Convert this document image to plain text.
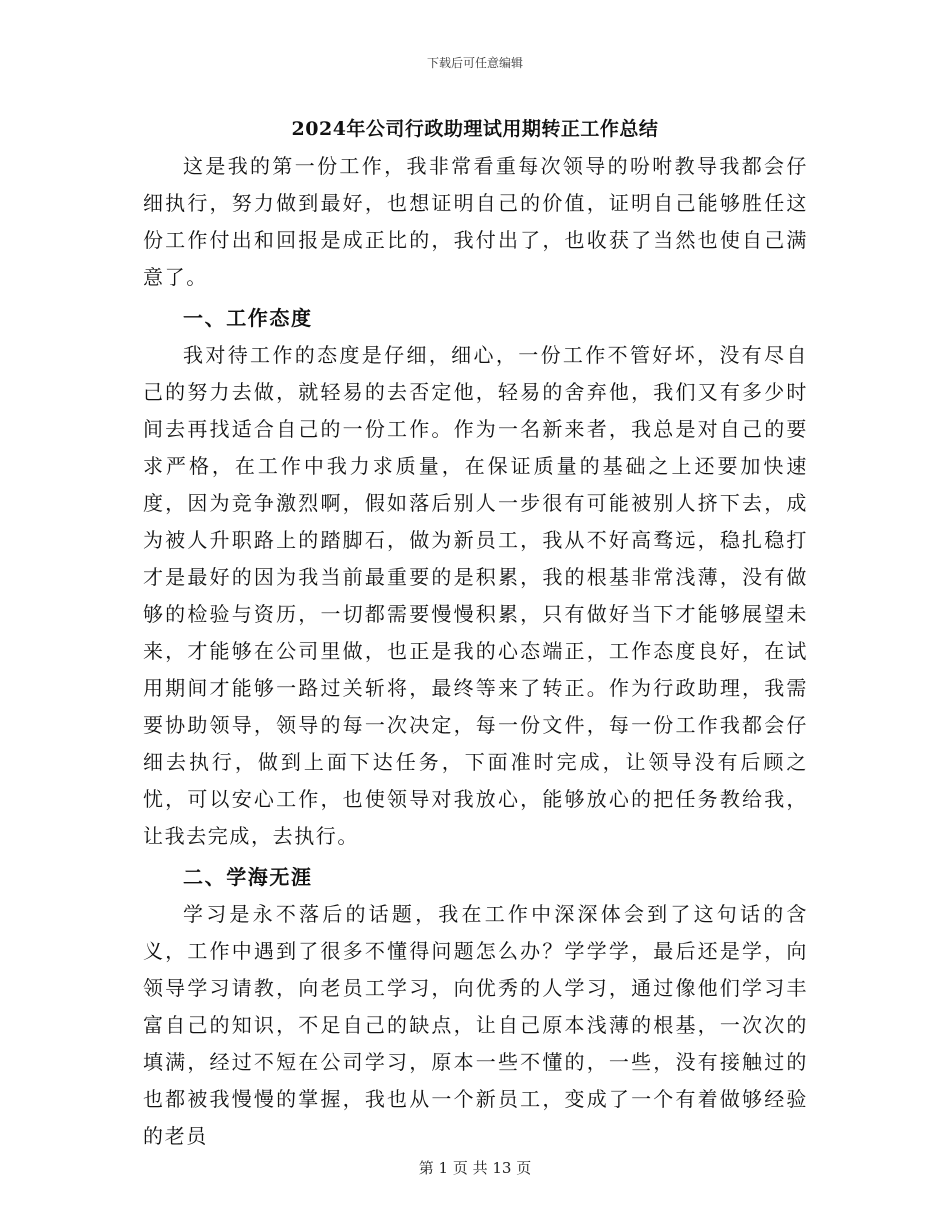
下载后可任意编辑
2024年公司行政助理试用期转正工作总结

这是我的第一份工作，我非常看重每次领导的吩咐教导我都会仔细执行，努力做到最好，也想证明自己的价值，证明自己能够胜任这份工作付出和回报是成正比的，我付出了，也收获了当然也使自己满意了。

一、工作态度

我对待工作的态度是仔细，细心，一份工作不管好坏，没有尽自己的努力去做，就轻易的去否定他，轻易的舍弃他，我们又有多少时间去再找适合自己的一份工作。作为一名新来者，我总是对自己的要求严格，在工作中我力求质量，在保证质量的基础之上还要加快速度，因为竞争激烈啊，假如落后别人一步很有可能被别人挤下去，成为被人升职路上的踏脚石，做为新员工，我从不好高骛远，稳扎稳打才是最好的因为我当前最重要的是积累，我的根基非常浅薄，没有做够的检验与资历，一切都需要慢慢积累，只有做好当下才能够展望未来，才能够在公司里做，也正是我的心态端正，工作态度良好，在试用期间才能够一路过关斩将，最终等来了转正。作为行政助理，我需要协助领导，领导的每一次决定，每一份文件，每一份工作我都会仔细去执行，做到上面下达任务，下面准时完成，让领导没有后顾之忧，可以安心工作，也使领导对我放心，能够放心的把任务教给我，让我去完成，去执行。

二、学海无涯

学习是永不落后的话题，我在工作中深深体会到了这句话的含义，工作中遇到了很多不懂得问题怎么办？学学学，最后还是学，向领导学习请教，向老员工学习，向优秀的人学习，通过像他们学习丰富自己的知识，不足自己的缺点，让自己原本浅薄的根基，一次次的填满，经过不短在公司学习，原本一些不懂的，一些，没有接触过的也都被我慢慢的掌握，我也从一个新员工，变成了一个有着做够经验的老员

第 1 页 共 13 页
